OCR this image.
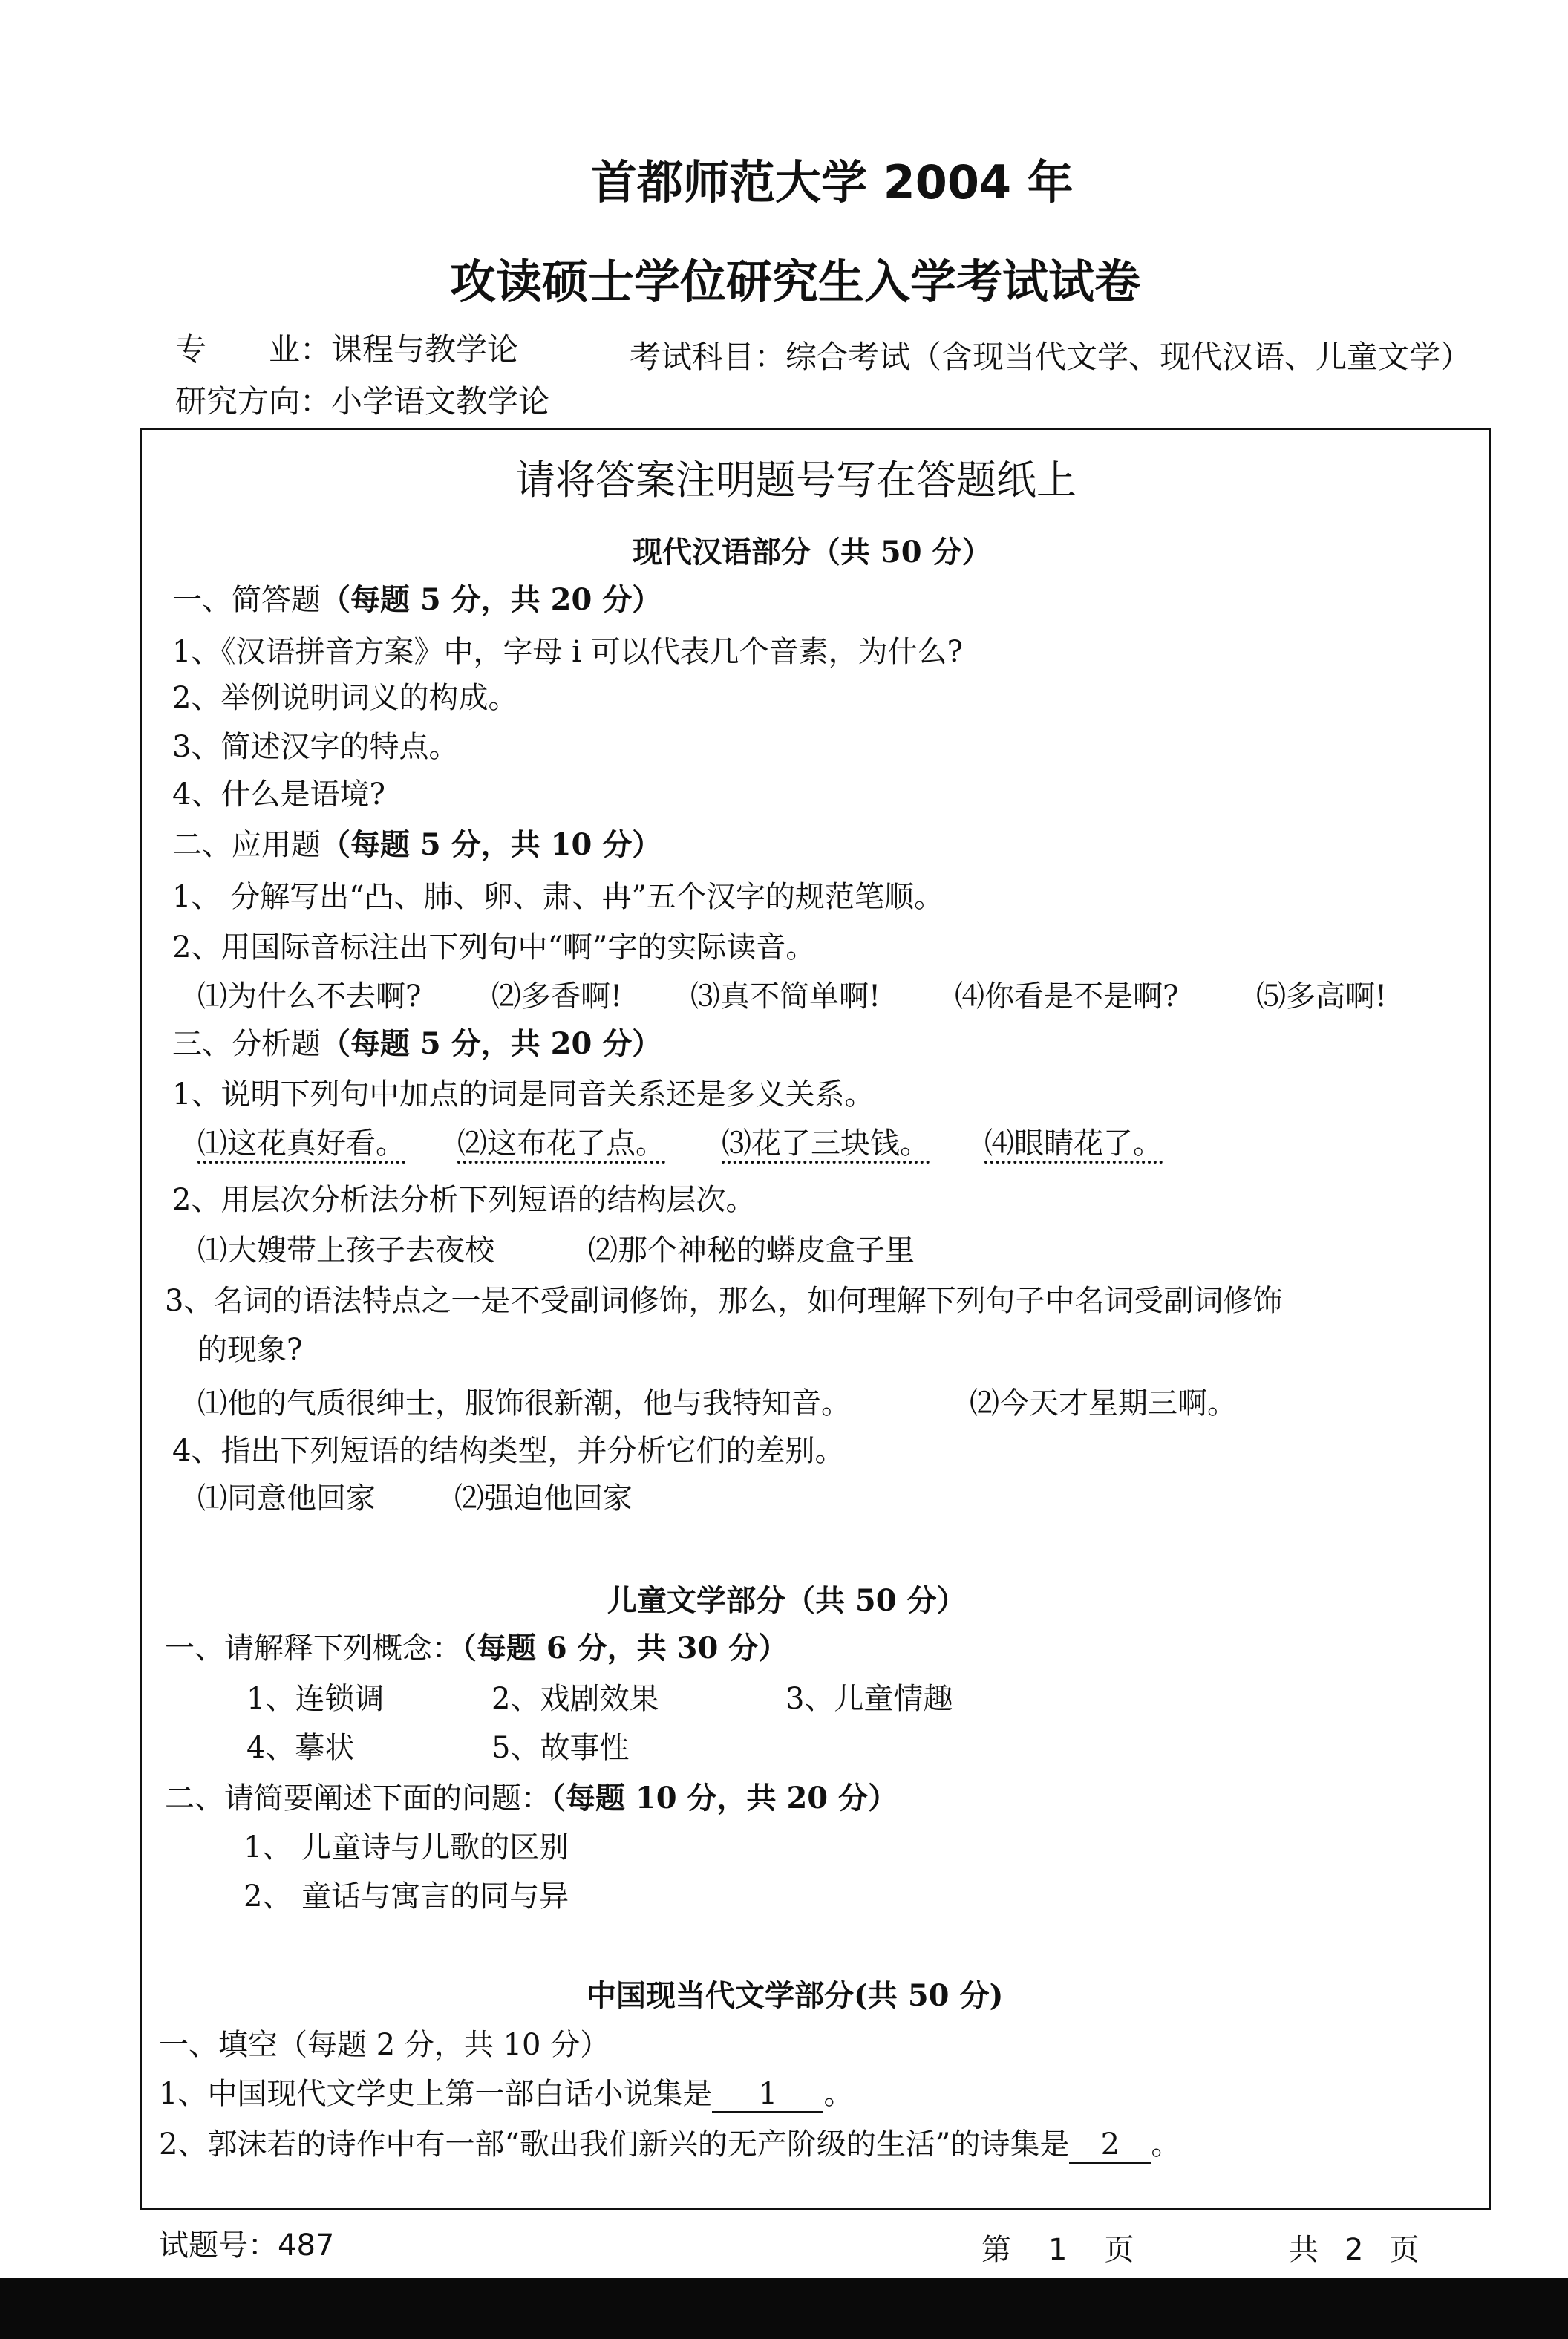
首都师范大学 2004 年
攻读硕士学位研究生入学考试试卷
专　　业：课程与教学论	考试科目：综合考试（含现当代文学、现代汉语、儿童文学）
研究方向：小学语文教学论
请将答案注明题号写在答题纸上
现代汉语部分（共 50 分）
一、简答题（每题 5 分，共 20 分）
1、《汉语拼音方案》中，字母 i 可以代表几个音素，为什么?
2、举例说明词义的构成。
3、简述汉字的特点。
4、什么是语境?
二、应用题（每题 5 分，共 10 分）
1、 分解写出“凸、肺、卵、肃、冉”五个汉字的规范笔顺。
2、用国际音标注出下列句中“啊”字的实际读音。
⑴为什么不去啊? ⑵多香啊! ⑶真不简单啊! ⑷你看是不是啊?	⑸多高啊!
三、分析题（每题 5 分，共 20 分）
1、说明下列句中加点的词是同音关系还是多义关系。
⑴这花真好看。 ⑵这布花了点。 ⑶花了三块钱。 ⑷眼睛花了。
2、用层次分析法分析下列短语的结构层次。
⑴大嫂带上孩子去夜校	⑵那个神秘的蟒皮盒子里
3、名词的语法特点之一是不受副词修饰，那么，如何理解下列句子中名词受副词修饰
的现象?
⑴他的气质很绅士，服饰很新潮，他与我特知音。	⑵今天才星期三啊。
4、指出下列短语的结构类型，并分析它们的差别。
⑴同意他回家	⑵强迫他回家
儿童文学部分（共 50 分）
一、请解释下列概念：（每题 6 分，共 30 分）
1、连锁调	2、戏剧效果	3、儿童情趣
4、摹状	5、故事性
二、请简要阐述下面的问题：（每题 10 分，共 20 分）
1、 儿童诗与儿歌的区别
2、 童话与寓言的同与异
中国现当代文学部分(共 50 分)
一、填空（每题 2 分，共 10 分）
1、中国现代文学史上第一部白话小说集是 1 。
2、郭沫若的诗作中有一部“歌出我们新兴的无产阶级的生活”的诗集是 2 。
试题号：487	第 1 页	共 2 页
